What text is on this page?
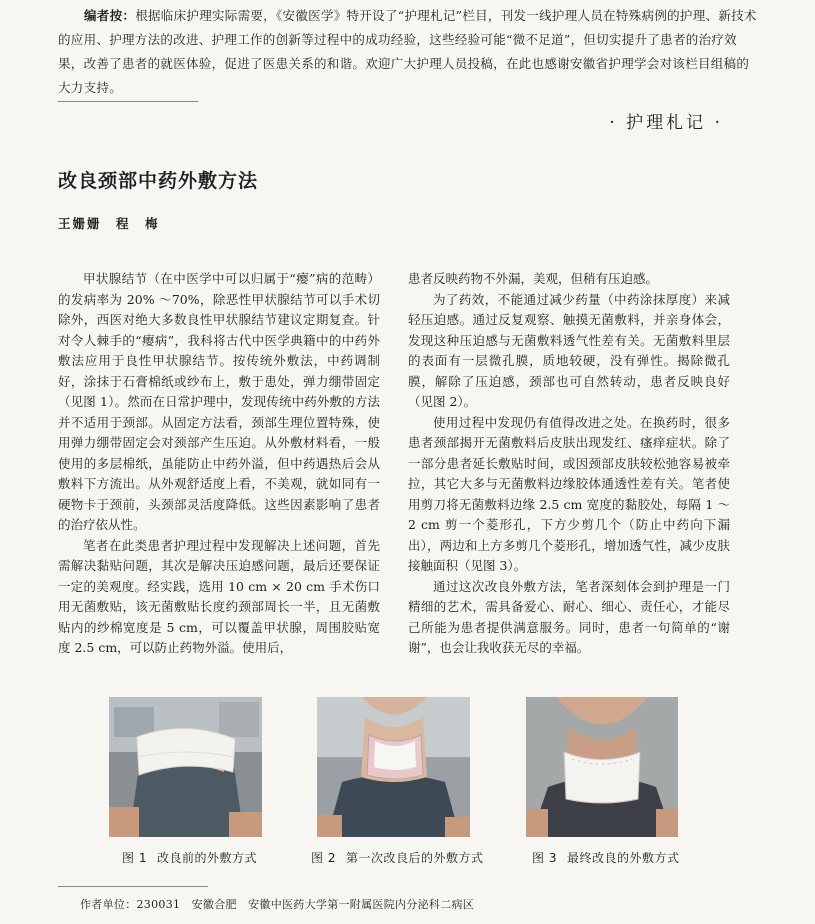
编者按：根据临床护理实际需要，《安徽医学》特开设了“护理札记”栏目，刊发一线护理人员在特殊病例的护理、新技术的应用、护理方法的改进、护理工作的创新等过程中的成功经验，这些经验可能“微不足道”，但切实提升了患者的治疗效果，改善了患者的就医体验，促进了医患关系的和谐。欢迎广大护理人员投稿，在此也感谢安徽省护理学会对该栏目组稿的大力支持。
· 护理札记 ·
改良颈部中药外敷方法
王姗姗　程　梅

甲状腺结节（在中医学中可以归属于“瘿”病的范畴）的发病率为 20% ～70%，除恶性甲状腺结节可以手术切除外，西医对绝大多数良性甲状腺结节建议定期复查。针对令人棘手的“瘿病”，我科将古代中医学典籍中的中药外敷法应用于良性甲状腺结节。按传统外敷法，中药调制好，涂抹于石膏棉纸或纱布上，敷于患处，弹力绷带固定（见图 1）。然而在日常护理中，发现传统中药外敷的方法并不适用于颈部。从固定方法看，颈部生理位置特殊，使用弹力绷带固定会对颈部产生压迫。从外敷材料看，一般使用的多层棉纸，虽能防止中药外溢，但中药遇热后会从敷料下方流出。从外观舒适度上看，不美观，就如同有一硬物卡于颈前，头颈部灵活度降低。这些因素影响了患者的治疗依从性。

笔者在此类患者护理过程中发现解决上述问题，首先需解决黏贴问题，其次是解决压迫感问题，最后还要保证一定的美观度。经实践，选用 10 cm × 20 cm 手术伤口用无菌敷贴，该无菌敷贴长度约颈部周长一半，且无菌敷贴内的纱棉宽度是 5 cm，可以覆盖甲状腺，周围胶贴宽度 2.5 cm，可以防止药物外溢。使用后，

患者反映药物不外漏，美观，但稍有压迫感。

为了药效，不能通过减少药量（中药涂抹厚度）来减轻压迫感。通过反复观察、触摸无菌敷料，并亲身体会，发现这种压迫感与无菌敷料透气性差有关。无菌敷料里层的表面有一层微孔膜，质地较硬，没有弹性。揭除微孔膜，解除了压迫感，颈部也可自然转动，患者反映良好（见图 2）。

使用过程中发现仍有值得改进之处。在换药时，很多患者颈部揭开无菌敷料后皮肤出现发红、瘙痒症状。除了一部分患者延长敷贴时间，或因颈部皮肤较松弛容易被牵拉，其它大多与无菌敷料边缘胶体通透性差有关。笔者使用剪刀将无菌敷料边缘 2.5 cm 宽度的黏胶处，每隔 1 ～2 cm 剪一个菱形孔，下方少剪几个（防止中药向下漏出），两边和上方多剪几个菱形孔，增加透气性，减少皮肤接触面积（见图 3）。

通过这次改良外敷方法，笔者深刻体会到护理是一门精细的艺术，需具备爱心、耐心、细心、责任心，才能尽己所能为患者提供满意服务。同时，患者一句简单的“谢谢”，也会让我收获无尽的幸福。

图 1 改良前的外敷方式	图 2 第一次改良后的外敷方式	图 3 最终改良的外敷方式
作者单位：230031　安徽合肥　安徽中医药大学第一附属医院内分泌科二病区
